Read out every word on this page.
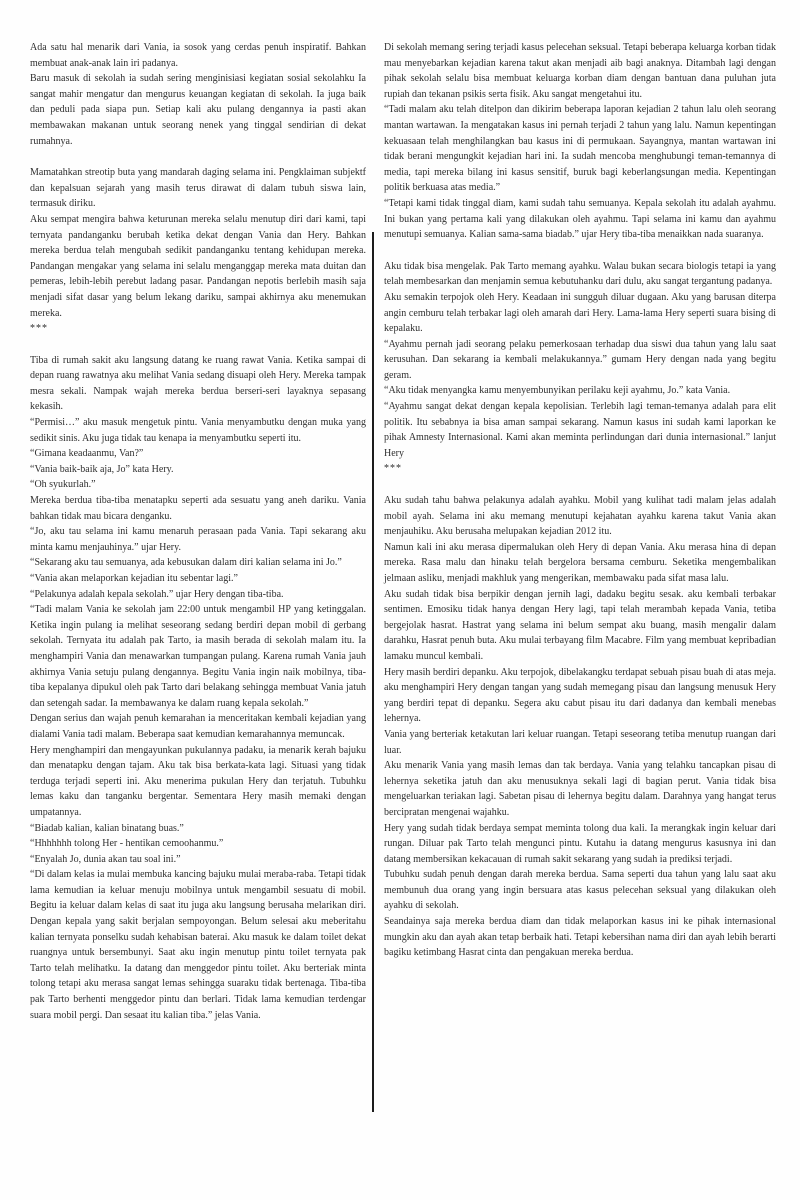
Ada satu hal menarik dari Vania, ia sosok yang cerdas penuh inspiratif. Bahkan membuat anak-anak lain iri padanya.

Baru masuk di sekolah ia sudah sering menginisiasi kegiatan sosial sekolahku Ia sangat mahir mengatur dan mengurus keuangan kegiatan di sekolah. Ia juga baik dan peduli pada siapa pun. Setiap kali aku pulang dengannya ia pasti akan membawakan makanan untuk seorang nenek yang tinggal sendirian di dekat rumahnya.

Mamatahkan streotip buta yang mandarah daging selama ini. Pengklaiman subjektf dan kepalsuan sejarah yang masih terus dirawat di dalam tubuh siswa lain, termasuk diriku.

Aku sempat mengira bahwa keturunan mereka selalu menutup diri dari kami, tapi ternyata pandanganku berubah ketika dekat dengan Vania dan Hery. Bahkan mereka berdua telah mengubah sedikit pandanganku tentang kehidupan mereka. Pandangan mengakar yang selama ini selalu menganggap mereka mata duitan dan pemeras, lebih-lebih perebut ladang pasar. Pandangan nepotis berlebih masih saja menjadi sifat dasar yang belum lekang dariku, sampai akhirnya aku menemukan mereka.

***

Tiba di rumah sakit aku langsung datang ke ruang rawat Vania. Ketika sampai di depan ruang rawatnya aku melihat Vania sedang disuapi oleh Hery. Mereka tampak mesra sekali. Nampak wajah mereka berdua berseri-seri layaknya sepasang kekasih.

“Permisi…” aku masuk mengetuk pintu. Vania menyambutku dengan muka yang sedikit sinis. Aku juga tidak tau kenapa ia menyambutku seperti itu.

“Gimana keadaanmu, Van?”

“Vania baik-baik aja, Jo” kata Hery.

“Oh syukurlah.”

Mereka berdua tiba-tiba menatapku seperti ada sesuatu yang aneh dariku. Vania bahkan tidak mau bicara denganku.

“Jo, aku tau selama ini kamu menaruh perasaan pada Vania. Tapi sekarang aku minta kamu menjauhinya.” ujar Hery.

“Sekarang aku tau semuanya, ada kebusukan dalam diri kalian selama ini Jo.”

“Vania akan melaporkan kejadian itu sebentar lagi.”

“Pelakunya adalah kepala sekolah.” ujar Hery dengan tiba-tiba.

“Tadi malam Vania ke sekolah jam 22:00 untuk mengambil HP yang ketinggalan. Ketika ingin pulang ia melihat seseorang sedang berdiri depan mobil di gerbang sekolah. Ternyata itu adalah pak Tarto, ia masih berada di sekolah malam itu. Ia menghampiri Vania dan menawarkan tumpangan pulang. Karena rumah Vania jauh akhirnya Vania setuju pulang dengannya. Begitu Vania ingin naik mobilnya, tiba-tiba kepalanya dipukul oleh pak Tarto dari belakang sehingga membuat Vania jatuh dan setengah sadar. Ia membawanya ke dalam ruang kepala sekolah.”

Dengan serius dan wajah penuh kemarahan ia menceritakan kembali kejadian yang dialami Vania tadi malam. Beberapa saat kemudian kemarahannya memuncak.

Hery menghampiri dan mengayunkan pukulannya padaku, ia menarik kerah bajuku dan menatapku dengan tajam. Aku tak bisa berkata-kata lagi. Situasi yang tidak terduga terjadi seperti ini. Aku menerima pukulan Hery dan terjatuh. Tubuhku lemas kaku dan tanganku bergentar. Sementara Hery masih memaki dengan umpatannya.

“Biadab kalian, kalian binatang buas.”

“Hhhhhhh tolong Her - hentikan cemoohanmu.”

“Enyalah Jo, dunia akan tau soal ini.”

“Di dalam kelas ia mulai membuka kancing bajuku mulai meraba-raba. Tetapi tidak lama kemudian ia keluar menuju mobilnya untuk mengambil sesuatu di mobil. Begitu ia keluar dalam kelas di saat itu juga aku langsung berusaha melarikan diri. Dengan kepala yang sakit berjalan sempoyongan. Belum selesai aku meberitahu kalian ternyata ponselku sudah kehabisan baterai. Aku masuk ke dalam toilet dekat ruangnya untuk bersembunyi. Saat aku ingin menutup pintu toilet ternyata pak Tarto telah melihatku. Ia datang dan menggedor pintu toilet. Aku berteriak minta tolong tetapi aku merasa sangat lemas sehingga suaraku tidak bertenaga. Tiba-tiba pak Tarto berhenti menggedor pintu dan berlari. Tidak lama kemudian terdengar suara mobil pergi. Dan sesaat itu kalian tiba.” jelas Vania.

Di sekolah memang sering terjadi kasus pelecehan seksual. Tetapi beberapa keluarga korban tidak mau menyebarkan kejadian karena takut akan menjadi aib bagi anaknya. Ditambah lagi dengan pihak sekolah selalu bisa membuat keluarga korban diam dengan bantuan dana puluhan juta rupiah dan tekanan psikis serta fisik. Aku sangat mengetahui itu.

“Tadi malam aku telah ditelpon dan dikirim beberapa laporan kejadian 2 tahun lalu oleh seorang mantan wartawan. Ia mengatakan kasus ini pernah terjadi 2 tahun yang lalu. Namun kepentingan kekuasaan telah menghilangkan bau kasus ini di permukaan. Sayangnya, mantan wartawan ini tidak berani mengungkit kejadian hari ini. Ia sudah mencoba menghubungi teman-temannya di media, tapi mereka bilang ini kasus sensitif, buruk bagi keberlangsungan media. Kepentingan politik berkuasa atas media.”

“Tetapi kami tidak tinggal diam, kami sudah tahu semuanya. Kepala sekolah itu adalah ayahmu. Ini bukan yang pertama kali yang dilakukan oleh ayahmu. Tapi selama ini kamu dan ayahmu menutupi semuanya. Kalian sama-sama biadab.” ujar Hery tiba-tiba menaikkan nada suaranya.

Aku tidak bisa mengelak. Pak Tarto memang ayahku. Walau bukan secara biologis tetapi ia yang telah membesarkan dan menjamin semua kebutuhanku dari dulu, aku sangat tergantung padanya.

Aku semakin terpojok oleh Hery. Keadaan ini sungguh diluar dugaan. Aku yang barusan diterpa angin cemburu telah terbakar lagi oleh amarah dari Hery. Lama-lama Hery seperti suara bising di kepalaku.

“Ayahmu pernah jadi seorang pelaku pemerkosaan terhadap dua siswi dua tahun yang lalu saat kerusuhan. Dan sekarang ia kembali melakukannya.” gumam Hery dengan nada yang begitu geram.

“Aku tidak menyangka kamu menyembunyikan perilaku keji ayahmu, Jo.” kata Vania.

“Ayahmu sangat dekat dengan kepala kepolisian. Terlebih lagi teman-temanya adalah para elit politik. Itu sebabnya ia bisa aman sampai sekarang. Namun kasus ini sudah kami laporkan ke pihak Amnesty Internasional. Kami akan meminta perlindungan dari dunia internasional.” lanjut Hery

***

Aku sudah tahu bahwa pelakunya adalah ayahku. Mobil yang kulihat tadi malam jelas adalah mobil ayah. Selama ini aku memang menutupi kejahatan ayahku karena takut Vania akan menjauhiku. Aku berusaha melupakan kejadian 2012 itu.

Namun kali ini aku merasa dipermalukan oleh Hery di depan Vania. Aku merasa hina di depan mereka. Rasa malu dan hinaku telah bergelora bersama cemburu. Seketika mengembalikan jelmaan asliku, menjadi makhluk yang mengerikan, membawaku pada sifat masa lalu.

Aku sudah tidak bisa berpikir dengan jernih lagi, dadaku begitu sesak. aku kembali terbakar sentimen. Emosiku tidak hanya dengan Hery lagi, tapi telah merambah kepada Vania, tetiba bergejolak hasrat. Hastrat yang selama ini belum sempat aku buang, masih mengalir dalam darahku, Hasrat penuh buta. Aku mulai terbayang film Macabre. Film yang membuat kepribadian lamaku muncul kembali.

Hery masih berdiri depanku. Aku terpojok, dibelakangku terdapat sebuah pisau buah di atas meja. aku menghampiri Hery dengan tangan yang sudah memegang pisau dan langsung menusuk Hery yang berdiri tepat di depanku. Segera aku cabut pisau itu dari dadanya dan kembali menebas lehernya.

Vania yang berteriak ketakutan lari keluar ruangan. Tetapi seseorang tetiba menutup ruangan dari luar.

Aku menarik Vania yang masih lemas dan tak berdaya. Vania yang telahku tancapkan pisau di lehernya seketika jatuh dan aku menusuknya sekali lagi di bagian perut. Vania tidak bisa mengeluarkan teriakan lagi. Sabetan pisau di lehernya begitu dalam. Darahnya yang hangat terus bercipratan mengenai wajahku.

Hery yang sudah tidak berdaya sempat meminta tolong dua kali. Ia merangkak ingin keluar dari rungan. Diluar pak Tarto telah mengunci pintu. Kutahu ia datang mengurus kasusnya ini dan datang membersikan kekacauan di rumah sakit sekarang yang sudah ia prediksi terjadi.

Tubuhku sudah penuh dengan darah mereka berdua. Sama seperti dua tahun yang lalu saat aku membunuh dua orang yang ingin bersuara atas kasus pelecehan seksual yang dilakukan oleh ayahku di sekolah.

Seandainya saja mereka berdua diam dan tidak melaporkan kasus ini ke pihak internasional mungkin aku dan ayah akan tetap berbaik hati. Tetapi kebersihan nama diri dan ayah lebih berarti bagiku ketimbang Hasrat cinta dan pengakuan mereka berdua.
